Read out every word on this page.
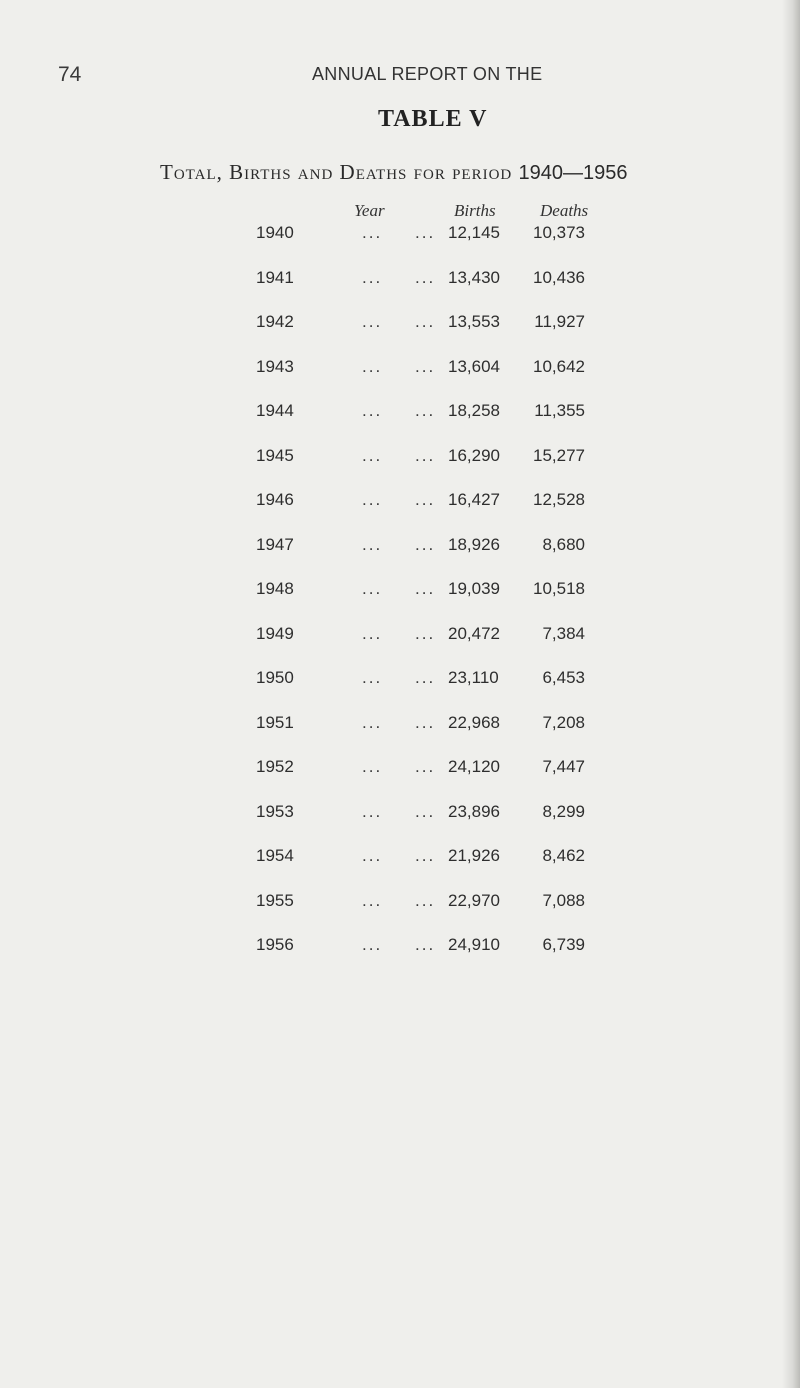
74	ANNUAL REPORT ON THE
TABLE V
Total, Births and Deaths for period 1940—1956
Year	Births	Deaths
1940	... ... 12,145 10,373
1941	... ... 13,430 10,436
1942	... ... 13,553 11,927
1943	... ... 13,604 10,642
1944	... ... 18,258 11,355
1945	... ... 16,290 15,277
1946	... ... 16,427 12,528
1947	... ... 18,926 8,680
1948	... ... 19,039 10,518
1949	... ... 20,472 7,384
1950	... ... 23,110	6,453
1951	... ... 22,968 7,208
1952	... ... 24,120 7,447
1953	... ... 23,896 8,299
1954	... ... 21,926 8,462
1955	... ... 22,970 7,088
1956	... ... 24,910 6,739
